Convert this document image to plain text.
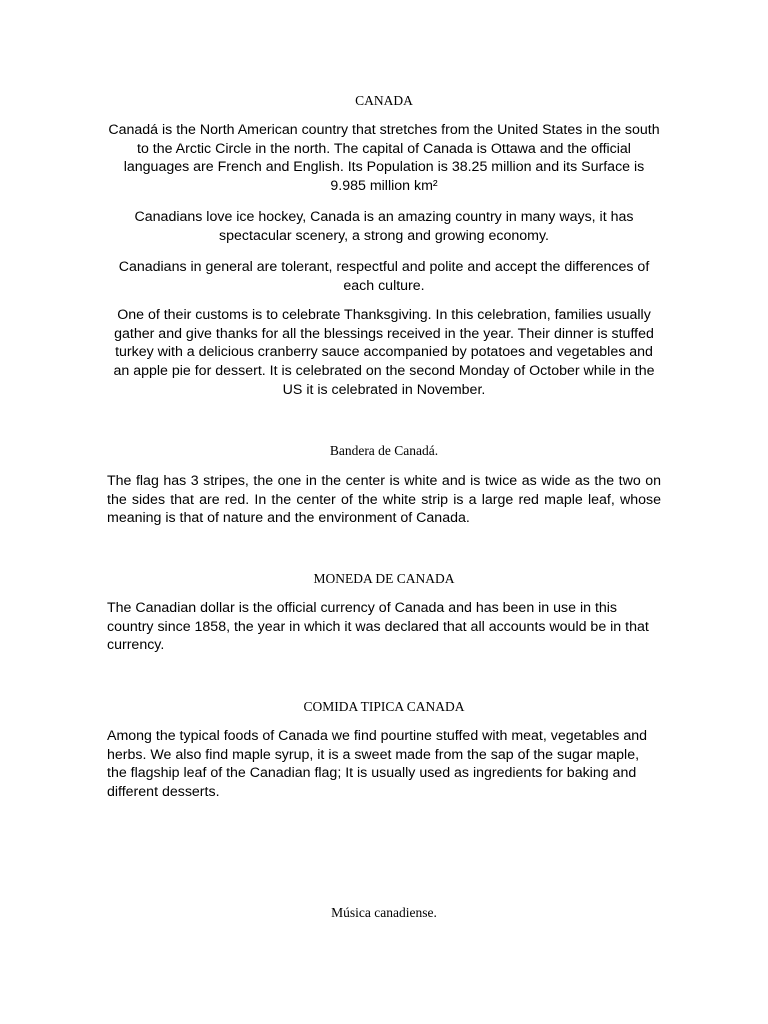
CANADA

Canadá is the North American country that stretches from the United States in the south to the Arctic Circle in the north. The capital of Canada is Ottawa and the official languages are French and English. Its Population is 38.25 million and its Surface is 9.985 million km²

Canadians love ice hockey, Canada is an amazing country in many ways, it has spectacular scenery, a strong and growing economy.

Canadians in general are tolerant, respectful and polite and accept the differences of each culture.

One of their customs is to celebrate Thanksgiving. In this celebration, families usually gather and give thanks for all the blessings received in the year. Their dinner is stuffed turkey with a delicious cranberry sauce accompanied by potatoes and vegetables and an apple pie for dessert. It is celebrated on the second Monday of October while in the US it is celebrated in November.

Bandera de Canadá.

The flag has 3 stripes, the one in the center is white and is twice as wide as the two on the sides that are red. In the center of the white strip is a large red maple leaf, whose meaning is that of nature and the environment of Canada.

MONEDA DE CANADA

The Canadian dollar is the official currency of Canada and has been in use in this country since 1858, the year in which it was declared that all accounts would be in that currency.

COMIDA TIPICA CANADA

Among the typical foods of Canada we find pourtine stuffed with meat, vegetables and herbs. We also find maple syrup, it is a sweet made from the sap of the sugar maple, the flagship leaf of the Canadian flag; It is usually used as ingredients for baking and different desserts.

Música canadiense.
